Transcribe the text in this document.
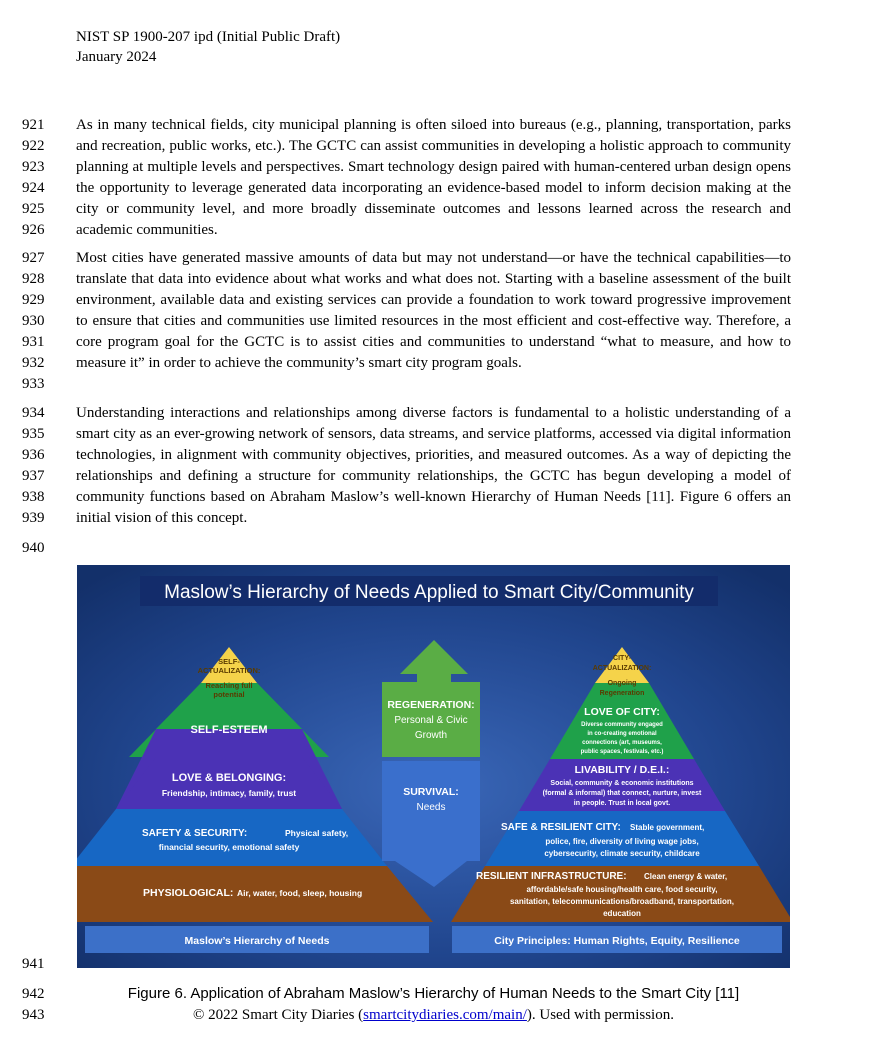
NIST SP 1900-207 ipd (Initial Public Draft)
January 2024
921
922
923
924
925
926
927
928
929
930
931
932
933
934
935
936
937
938
939
940
941
942
943
As in many technical fields, city municipal planning is often siloed into bureaus (e.g., planning, transportation, parks and recreation, public works, etc.). The GCTC can assist communities in developing a holistic approach to community planning at multiple levels and perspectives. Smart technology design paired with human-centered urban design opens the opportunity to leverage generated data incorporating an evidence-based model to inform decision making at the city or community level, and more broadly disseminate outcomes and lessons learned across the research and academic communities.
Most cities have generated massive amounts of data but may not understand—or have the technical capabilities—to translate that data into evidence about what works and what does not. Starting with a baseline assessment of the built environment, available data and existing services can provide a foundation to work toward progressive improvement to ensure that cities and communities use limited resources in the most efficient and cost-effective way. Therefore, a core program goal for the GCTC is to assist cities and communities to understand “what to measure, and how to measure it” in order to achieve the community’s smart city program goals.
Understanding interactions and relationships among diverse factors is fundamental to a holistic understanding of a smart city as an ever-growing network of sensors, data streams, and service platforms, accessed via digital information technologies, in alignment with community objectives, priorities, and measured outcomes. As a way of depicting the relationships and defining a structure for community relationships, the GCTC has begun developing a model of community functions based on Abraham Maslow’s well-known Hierarchy of Human Needs [11]. Figure 6 offers an initial vision of this concept.
Maslow’s Hierarchy of Needs Applied to Smart City/Community
SELF-
ACTUALIZATION:
Reaching full
potential
SELF-ESTEEM
LOVE & BELONGING:
Friendship, intimacy, family, trust
SAFETY & SECURITY:	Physical safety,
financial security, emotional safety
PHYSIOLOGICAL: Air, water, food, sleep, housing
Maslow’s Hierarchy of Needs
REGENERATION:
Personal & Civic
Growth
SURVIVAL:
Needs
CITY-
ACTUALIZATION:
Ongoing
Regeneration
LOVE OF CITY:
Diverse community engaged
in co-creating emotional
connections (art, museums,
public spaces, festivals, etc.)
LIVABILITY / D.E.I.:
Social, community & economic institutions
(formal & informal) that connect, nurture, invest
in people. Trust in local govt.
SAFE & RESILIENT CITY: Stable government,
police, fire, diversity of living wage jobs,
cybersecurity, climate security, childcare
RESILIENT INFRASTRUCTURE: Clean energy & water,
affordable/safe housing/health care, food security,
sanitation, telecommunications/broadband, transportation,
education
City Principles: Human Rights, Equity, Resilience
Figure 6. Application of Abraham Maslow’s Hierarchy of Human Needs to the Smart City [11]
© 2022 Smart City Diaries (smartcitydiaries.com/main/). Used with permission.
